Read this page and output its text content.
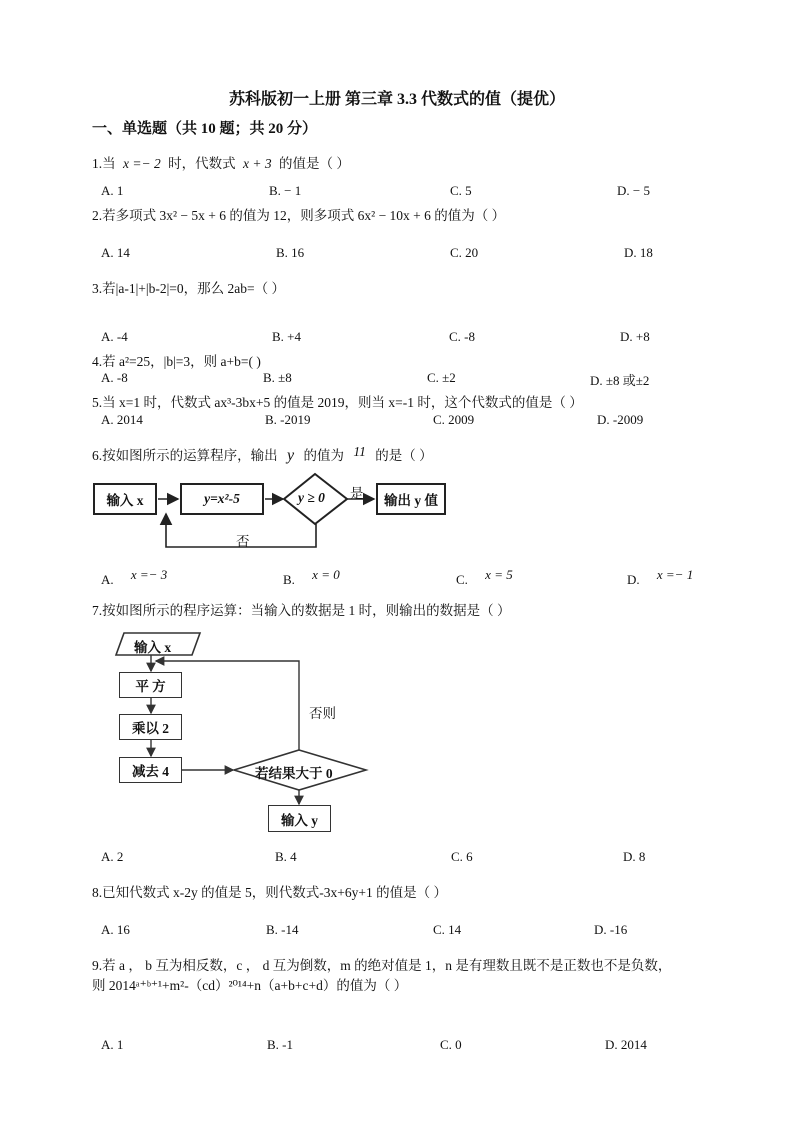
苏科版初一上册 第三章 3.3 代数式的值（提优）
一、单选题（共 10 题；共 20 分）
1.当 x =− 2 时，代数式 x + 3 的值是（ ）
A. 1	B. − 1	C. 5	D. − 5
2.若多项式 3x² − 5x + 6 的值为 12，则多项式 6x² − 10x + 6 的值为（ ）
A. 14	B. 16	C. 20	D. 18
3.若|a-1|+|b-2|=0，那么 2ab=（ ）
A. -4	B. +4	C. -8	D. +8
4.若 a²=25，|b|=3，则 a+b=( )
A. -8	B. ±8	C. ±2	D. ±8 或±2
5.当 x=1 时，代数式 ax³-3bx+5 的值是 2019，则当 x=-1 时，这个代数式的值是（ ）
A. 2014	B. -2019	C. 2009	D. -2009
6.按如图所示的运算程序，输出 y 的值为 11 的是（ ）
输入 x	y=x²-5	y ≥ 0 是	输出 y 值
否
A. x =− 3	B. x = 0	C. x = 5	D. x =− 1
7.按如图所示的程序运算：当输入的数据是 1 时，则输出的数据是（ ）
输入 x
平 方
乘以 2
减去 4	若结果大于 0
否则
输入 y
A. 2	B. 4	C. 6	D. 8
8.已知代数式 x-2y 的值是 5，则代数式-3x+6y+1 的值是（ ）
A. 16	B. -14	C. 14	D. -16
9.若 a ， b 互为相反数，c ， d 互为倒数，m 的绝对值是 1，n 是有理数且既不是正数也不是负数，
则 2014ᵃ⁺ᵇ⁺¹+m²-（cd）²⁰¹⁴+n（a+b+c+d）的值为（ ）
A. 1	B. -1	C. 0	D. 2014
